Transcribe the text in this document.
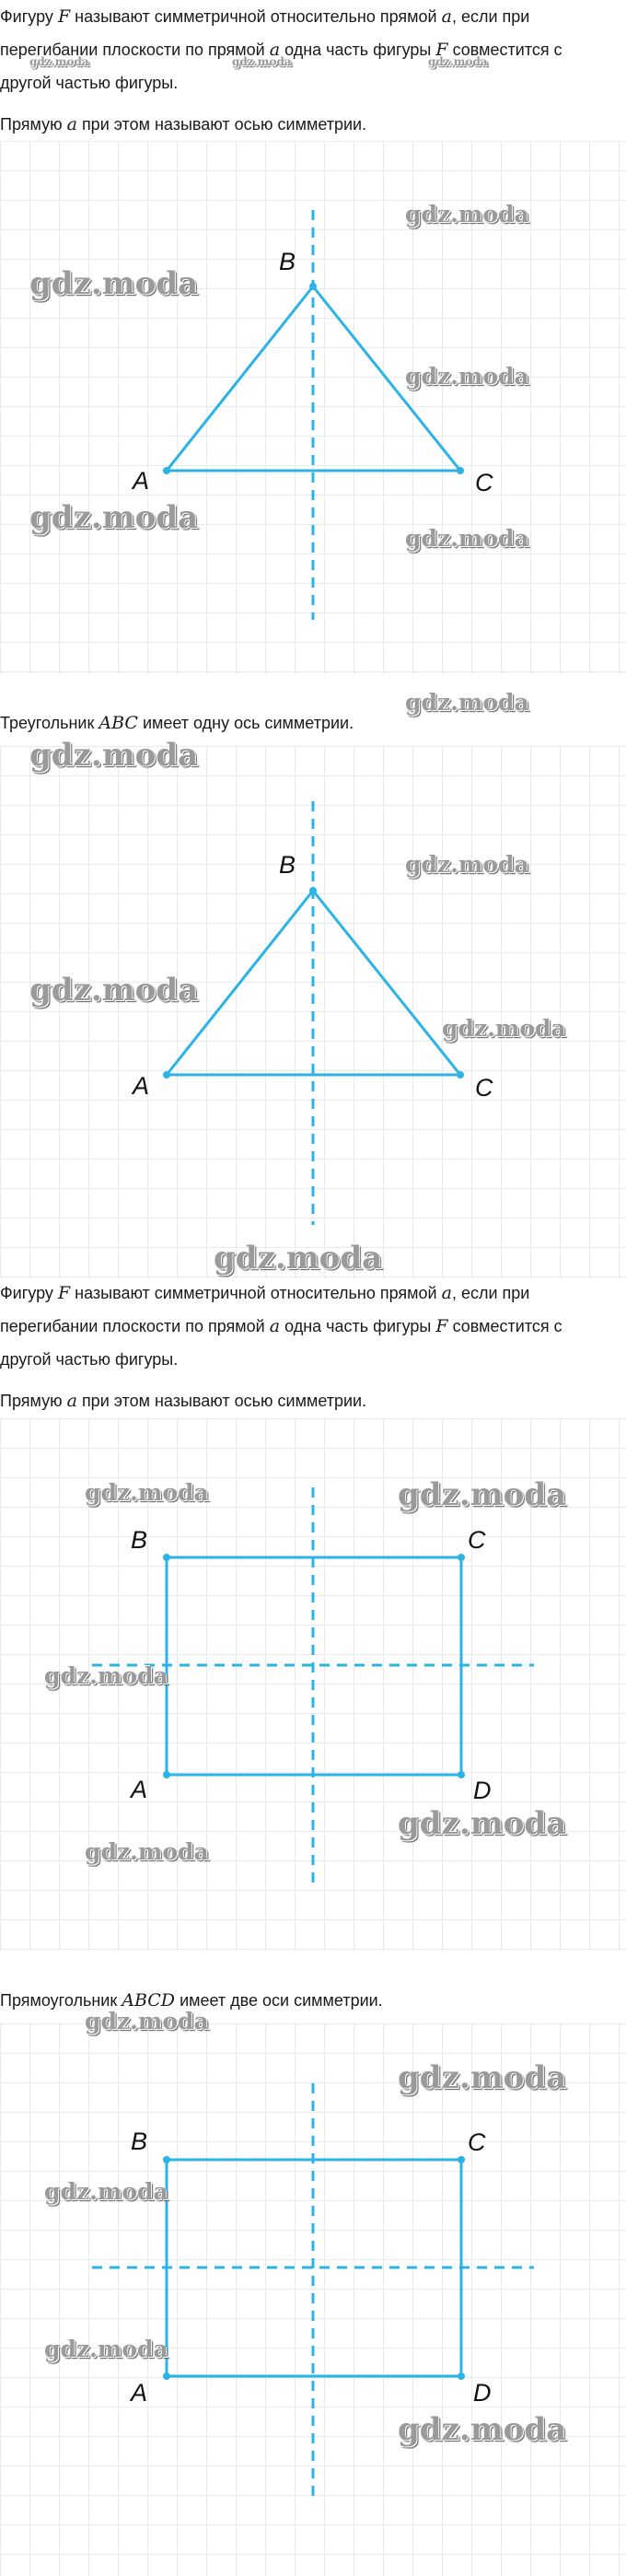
Фигуру F называют симметричной относительно прямой a, если при
перегибании плоскости по прямой a одна часть фигуры F совместится с
другой частью фигуры.
Прямую a при этом называют осью симметрии.
A
B
C
Треугольник ABC имеет одну ось симметрии.
A
B
C
Фигуру F называют симметричной относительно прямой a, если при
перегибании плоскости по прямой a одна часть фигуры F совместится с
другой частью фигуры.
Прямую a при этом называют осью симметрии.
A
B	C
D
Прямоугольник ABCD имеет две оси симметрии.
A
B	C
D
gdz.moda	gdz.moda	gdz.moda
gdz.moda
gdz.moda
gdz.moda
gdz.moda
gdz.moda
gdz.moda
gdz.moda
gdz.moda
gdz.moda
gdz.moda
gdz.moda
gdz.moda	gdz.moda
gdz.moda
gdz.moda
gdz.moda
gdz.moda
gdz.moda
gdz.moda
gdz.moda
gdz.moda
